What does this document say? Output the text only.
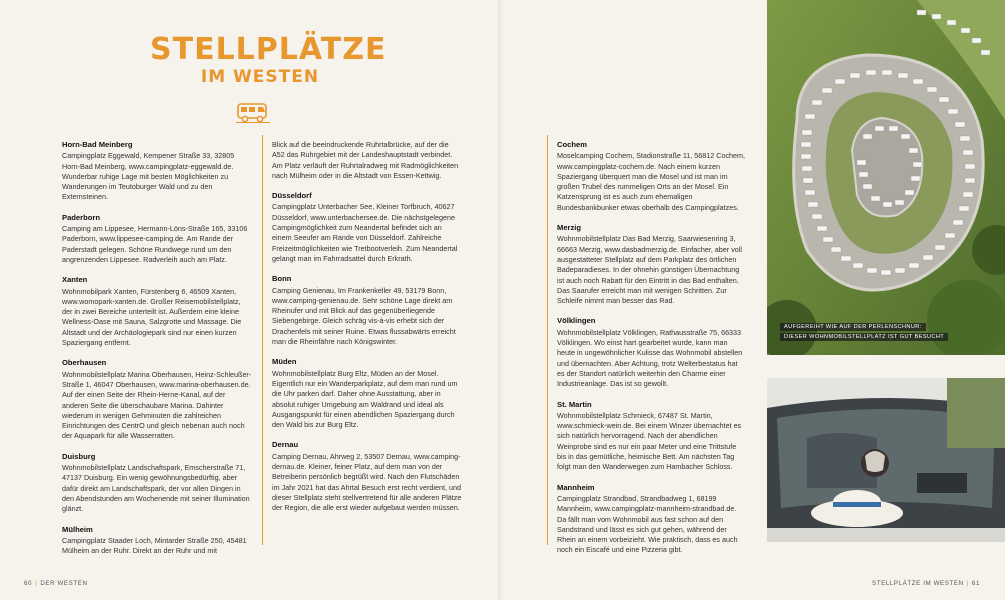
STELLPLÄTZE
IM WESTEN

Horn-Bad Meinberg

Campingplatz Eggewald, Kempener Straße 33, 32805 Horn-Bad Meinberg, www.campingplatz-eggewald.de. Wunderbar ruhige Lage mit besten Möglichkeiten zu Wanderungen im Teutoburger Wald und zu den Externsteinen.

Paderborn

Camping am Lippesee, Hermann-Löns-Straße 165, 33106 Paderborn, www.lippesee-camping.de. Am Rande der Paderstadt gelegen. Schöne Rundwege rund um den angrenzenden Lippesee. Radverleih auch am Platz.

Xanten

Wohnmobilpark Xanten, Fürstenberg 6, 46509 Xanten, www.womopark-xanten.de. Großer Reisemobilstellplatz, der in zwei Bereiche unterteilt ist. Außerdem eine kleine Wellness-Oase mit Sauna, Salzgrotte und Massage. Die Altstadt und der Archäologiepark sind nur einen kurzen Spaziergang entfernt.

Oberhausen

Wohnmobilstellplatz Marina Oberhausen, Heinz-Schleußer-Straße 1, 46047 Oberhausen, www.marina-oberhausen.de. Auf der einen Seite der Rhein-Herne-Kanal, auf der anderen Seite die überschaubare Marina. Dahinter wiederum in wenigen Gehminuten die zahlreichen Einrichtungen des CentrO und gleich nebenan auch noch der Aquapark für alle Wasserratten.

Duisburg

Wohnmobilstellplatz Landschaftspark, Emscherstraße 71, 47137 Duisburg. Ein wenig gewöhnungsbedürftig, aber dafür direkt am Landschaftspark, der vor allen Dingen in den Abendstunden am Wochenende mit seiner Illumination glänzt.

Mülheim

Campingplatz Staader Loch, Mintarder Straße 250, 45481 Mülheim an der Ruhr. Direkt an der Ruhr und mit

Blick auf die beeindruckende Ruhrtalbrücke, auf der die A52 das Ruhrgebiet mit der Landeshauptstadt verbindet. Am Platz verläuft der Ruhrtalradweg mit Radmöglichkeiten nach Mülheim oder in die Altstadt von Essen-Kettwig.

Düsseldorf

Campingplatz Unterbacher See, Kleiner Torfbruch, 40627 Düsseldorf, www.unterbachersee.de. Die nächstgelegene Campingmöglichkeit zum Neandertal befindet sich an einem Seeufer am Rande von Düsseldorf. Zahlreiche Freizeitmöglichkeiten wie Tretbootverleih. Zum Neandertal gelangt man im Fahrradsattel durch Erkrath.

Bonn

Camping Genienau, Im Frankenkeller 49, 53179 Bonn, www.camping-genienau.de. Sehr schöne Lage direkt am Rheinufer und mit Blick auf das gegenüberliegende Siebengebirge. Gleich schräg vis-à-vis erhebt sich der Drachenfels mit seiner Ruine. Etwas flussabwärts erreicht man die Rheinfähre nach Königswinter.

Müden

Wohnmobilstellplatz Burg Eltz, Müden an der Mosel. Eigentlich nur ein Wanderparkplatz, auf dem man rund um die Uhr parken darf. Daher ohne Ausstattung, aber in absolut ruhiger Umgebung am Waldrand und ideal als Ausgangspunkt für einen abendlichen Spaziergang durch den Wald bis zur Burg Eltz.

Dernau

Camping Dernau, Ahrweg 2, 53507 Dernau, www.camping-dernau.de. Kleiner, feiner Platz, auf dem man von der Betreiberin persönlich begrüßt wird. Nach den Flutschäden im Jahr 2021 hat das Ahrtal Besuch erst recht verdient, und dieser Stellplatz steht stellvertretend für alle anderen Plätze der Region, die alle erst wieder aufgebaut werden müssen.

Cochem

Moselcamping Cochem, Stadionstraße 11, 56812 Cochem, www.campingplatz-cochem.de. Nach einem kurzen Spaziergang überquert man die Mosel und ist man im großen Trubel des rummeligen Orts an der Mosel. Ein Katzensprung ist es auch zum ehemaligen Bundesbankbunker etwas oberhalb des Campingplatzes.

Merzig

Wohnmobilstellplatz Das Bad Merzig, Saarwiesenring 3, 66663 Merzig, www.dasbadmerzig.de. Einfacher, aber voll ausgestatteter Stellplatz auf dem Parkplatz des örtlichen Badeparadieses. In der ohnehin günstigen Übernachtung ist auch noch Rabatt für den Eintritt in das Bad enthalten. Das Saarufer erreicht man mit wenigen Schritten. Zur Schleife nimmt man besser das Rad.

Völklingen

Wohnmobilstellplatz Völklingen, Rathausstraße 75, 66333 Völklingen. Wo einst hart gearbeitet wurde, kann man heute in ungewöhnlicher Kulisse das Wohnmobil abstellen und übernachten. Aber Achtung, trotz Welterbestatus hat es der Standort natürlich weiterhin den Charme einer Industrieanlage. Das ist so gewollt.

St. Martin

Wohnmobilstellplatz Schmieck, 67487 St. Martin, www.schmieck-wein.de. Bei einem Winzer übernachtet es sich natürlich hervorragend. Nach der abendlichen Weinprobe sind es nur ein paar Meter und eine Trittstufe bis in das gemütliche, heimische Bett. Am nächsten Tag folgt man den Wanderwegen zum Hambacher Schloss.

Mannheim

Campingplatz Strandbad, Strandbadweg 1, 68199 Mannheim, www.campingplatz-mannheim-strandbad.de. Da fällt man vom Wohnmobil aus fast schon auf den Sandstrand und lässt es sich gut gehen, während der Rhein an einem vorbeizieht. Wie praktisch, dass es auch noch ein Eiscafé und eine Pizzeria gibt.

AUFGEREIHT WIE AUF DER PERLENSCHNUR:
DIESER WOHNMOBILSTELLPLATZ IST GUT BESUCHT
60 | DER WESTEN	STELLPLÄTZE IM WESTEN | 61
